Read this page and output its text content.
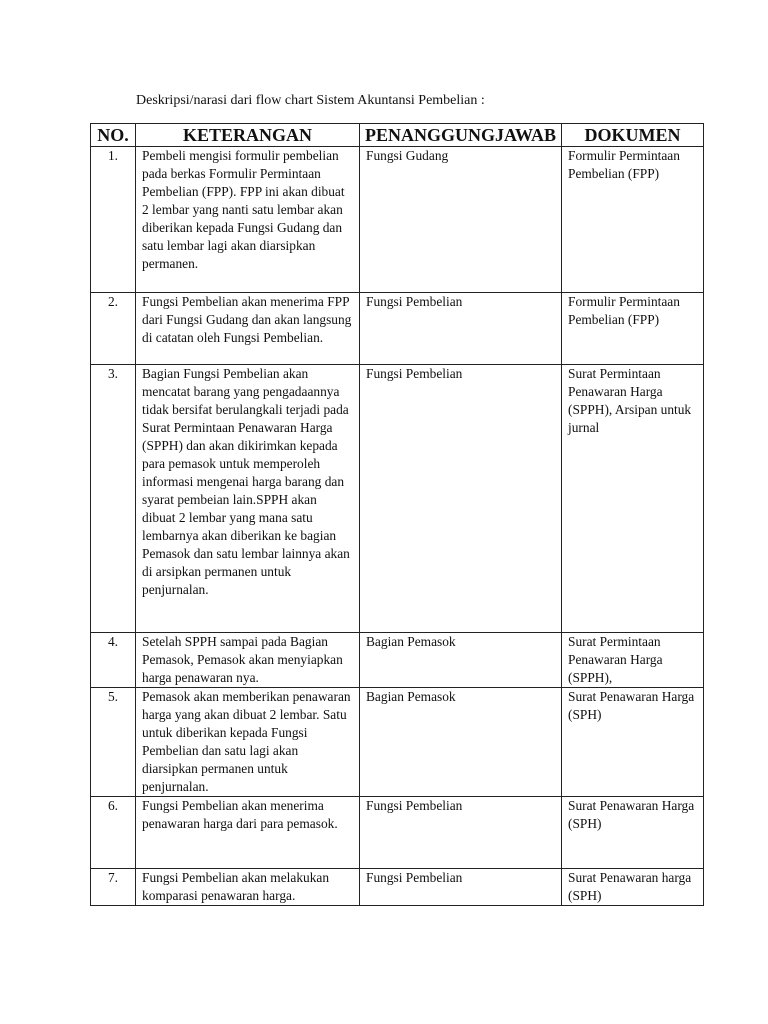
Deskripsi/narasi dari flow chart Sistem Akuntansi Pembelian :
NO.	KETERANGAN	PENANGGUNGJAWAB	DOKUMEN
1.	Pembeli mengisi formulir pembelian pada berkas Formulir Permintaan Pembelian (FPP). FPP ini akan dibuat 2 lembar yang nanti satu lembar akan diberikan kepada Fungsi Gudang dan satu lembar lagi akan diarsipkan permanen.	Fungsi Gudang	Formulir Permintaan Pembelian (FPP)
2.	Fungsi Pembelian akan menerima FPP dari Fungsi Gudang dan akan langsung di catatan oleh Fungsi Pembelian.	Fungsi Pembelian	Formulir Permintaan Pembelian (FPP)
3.	Bagian Fungsi Pembelian akan mencatat barang yang pengadaannya tidak bersifat berulangkali terjadi pada Surat Permintaan Penawaran Harga (SPPH) dan akan dikirimkan kepada para pemasok untuk memperoleh informasi mengenai harga barang dan syarat pembeian lain.SPPH akan dibuat 2 lembar yang mana satu lembarnya akan diberikan ke bagian Pemasok dan satu lembar lainnya akan di arsipkan permanen untuk penjurnalan.	Fungsi Pembelian	Surat Permintaan Penawaran Harga (SPPH), Arsipan untuk jurnal
4.	Setelah SPPH sampai pada Bagian Pemasok, Pemasok akan menyiapkan harga penawaran nya.	Bagian Pemasok	Surat Permintaan Penawaran Harga (SPPH),
5.	Pemasok akan memberikan penawaran harga yang akan dibuat 2 lembar. Satu untuk diberikan kepada Fungsi Pembelian dan satu lagi akan diarsipkan permanen untuk penjurnalan.	Bagian Pemasok	Surat Penawaran Harga (SPH)
6.	Fungsi Pembelian akan menerima penawaran harga dari para pemasok.	Fungsi Pembelian	Surat Penawaran Harga (SPH)
7.	Fungsi Pembelian akan melakukan komparasi penawaran harga.	Fungsi Pembelian	Surat Penawaran harga (SPH)
